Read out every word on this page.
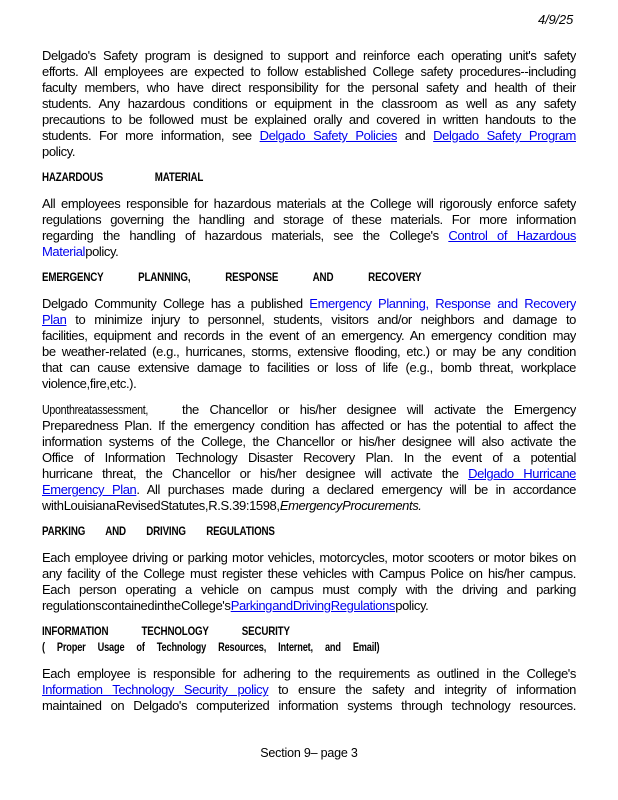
4/9/25
Delgado's Safety program is designed to support and reinforce each operating unit's safety
efforts. All employees are expected to follow established College safety procedures--including
faculty members, who have direct responsibility for the personal safety and health of their
students. Any hazardous conditions or equipment in the classroom as well as any safety
precautions to be followed must be explained orally and covered in written handouts to the
students. For more information, see Delgado Safety Policies and Delgado Safety Program
policy.
HAZARDOUS MATERIAL
All employees responsible for hazardous materials at the College will rigorously enforce safety
regulations governing the handling and storage of these materials. For more information
regarding the handling of hazardous materials, see the College's Control of Hazardous
Material policy.
EMERGENCY PLANNING, RESPONSE AND RECOVERY
Delgado Community College has a published Emergency Planning, Response and Recovery
Plan to minimize injury to personnel, students, visitors and/or neighbors and damage to
facilities, equipment and records in the event of an emergency. An emergency condition may
be weather-related (e.g., hurricanes, storms, extensive flooding, etc.) or may be any condition
that can cause extensive damage to facilities or loss of life (e.g., bomb threat, workplace
violence, fire, etc.).
Upon threat assessment, the Chancellor or his/her designee will activate the Emergency
Preparedness Plan. If the emergency condition has affected or has the potential to affect the
information systems of the College, the Chancellor or his/her designee will also activate the
Office of Information Technology Disaster Recovery Plan. In the event of a potential
hurricane threat, the Chancellor or his/her designee will activate the Delgado Hurricane
Emergency Plan. All purchases made during a declared emergency will be in accordance
with Louisiana Revised Statutes, R.S. 39:1598, Emergency Procurements.
PARKING AND DRIVING REGULATIONS
Each employee driving or parking motor vehicles, motorcycles, motor scooters or motor bikes on
any facility of the College must register these vehicles with Campus Police on his/her campus.
Each person operating a vehicle on campus must comply with the driving and parking
regulations contained in the College's Parking and Driving Regulations policy.
INFORMATION TECHNOLOGY SECURITY
( Proper Usage of Technology Resources, Internet, and Email)
Each employee is responsible for adhering to the requirements as outlined in the College's
Information Technology Security policy to ensure the safety and integrity of information
maintained on Delgado's computerized information systems through technology resources.
Section 9– page 3
